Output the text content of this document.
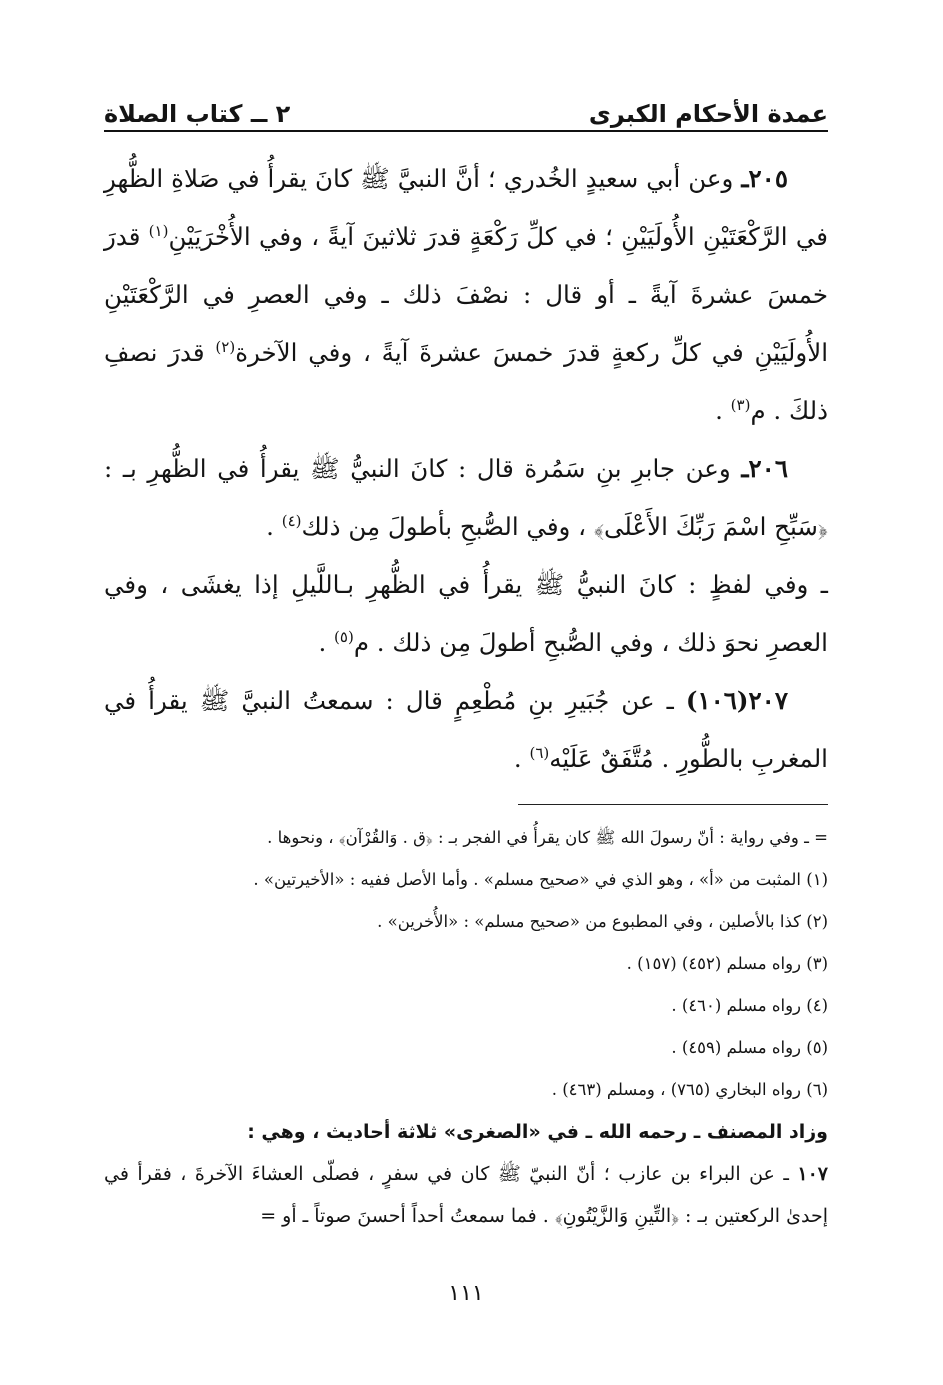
عمدة الأحكام الكبرى
٢ ــ كتاب الصلاة

٢٠٥ـ وعن أبي سعيدٍ الخُدري ؛ أنَّ النبيَّ ﷺ كانَ يقرأُ في صَلاةِ الظُّهرِ في الرَّكْعَتَيْنِ الأُولَيَيْنِ ؛ في كلِّ رَكْعَةٍ قدرَ ثلاثينَ آيةً ، وفي الأُخْرَيَيْنِ$^{(١)}$ قدرَ خمسَ عشرةَ آيةً ـ أو قال : نصْفَ ذلك ـ وفي العصرِ في الرَّكْعَتَيْنِ الأُولَيَيْنِ في كلِّ ركعةٍ قدرَ خمسَ عشرةَ آيةً ، وفي الآخرة$^{(٢)}$ قدرَ نصفِ ذلكَ . م$^{(٣)}$ .

٢٠٦ـ وعن جابرِ بنِ سَمُرة قال : كانَ النبيُّ ﷺ يقرأُ في الظُّهرِ بـ : ﴿سَبِّحِ اسْمَ رَبِّكَ الأَعْلَى﴾ ، وفي الصُّبحِ بأطولَ مِن ذلك$^{(٤)}$ .

ـ وفي لفظٍ : كانَ النبيُّ ﷺ يقرأُ في الظُّهرِ بـاللَّيلِ إذا يغشَى ، وفي العصرِ نحوَ ذلك ، وفي الصُّبحِ أطولَ مِن ذلك . م$^{(٥)}$ .

٢٠٧(١٠٦) ـ عن جُبَيرِ بنِ مُطْعِمٍ قال : سمعتُ النبيَّ ﷺ يقرأُ في المغربِ بالطُّورِ . مُتَّفَقٌ عَلَيْه$^{(٦)}$ .

= ـ وفي رواية : أنّ رسولَ الله ﷺ كان يقرأُ في الفجر بـ : ﴿ق . وَالقُرْآن﴾ ، ونحوها .

(١) المثبت من «أ» ، وهو الذي في «صحيح مسلم» . وأما الأصل ففيه : «الأخيرتين» .

(٢) كذا بالأصلين ، وفي المطبوع من «صحيح مسلم» : «الأُخرين» .

(٣) رواه مسلم (٤٥٢) (١٥٧) .

(٤) رواه مسلم (٤٦٠) .

(٥) رواه مسلم (٤٥٩) .

(٦) رواه البخاري (٧٦٥) ، ومسلم (٤٦٣) .

وزاد المصنف ـ رحمه الله ـ في «الصغرى» ثلاثة أحاديث ، وهي :

١٠٧ ـ عن البراء بن عازب ؛ أنّ النبيّ ﷺ كان في سفرٍ ، فصلّى العشاءَ الآخرةَ ، فقرأ في إحدىٰ الركعتين بـ : ﴿التِّينِ وَالزَّيْتُونِ﴾ . فما سمعتُ أحداً أحسنَ صوتاً ـ أو =

١١١
